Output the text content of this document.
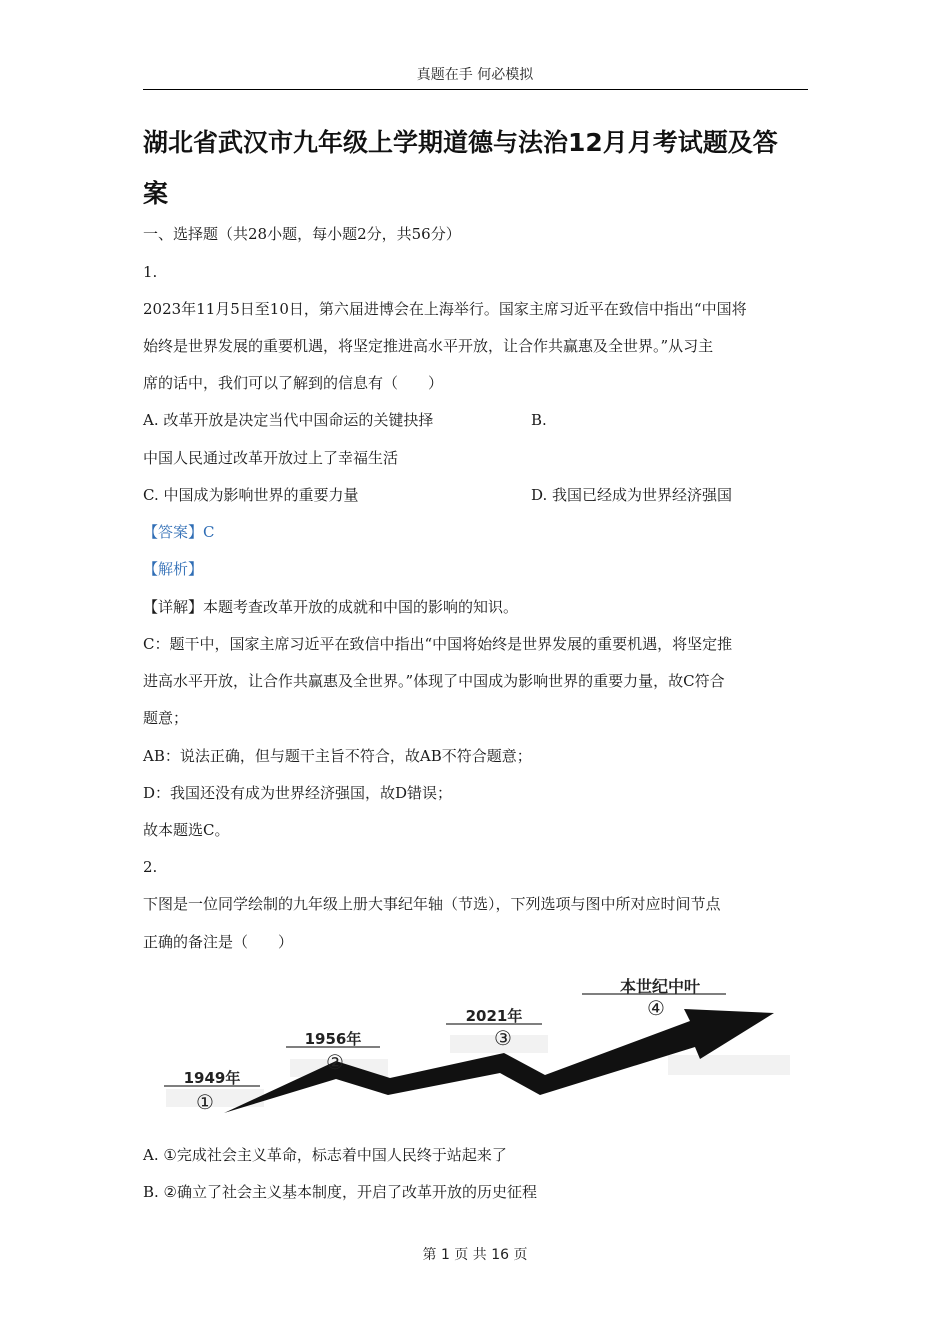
真题在手 何必模拟
湖北省武汉市九年级上学期道德与法治12月月考试题及答
案
一、选择题（共28小题，每小题2分，共56分）
1.
2023年11月5日至10日，第六届进博会在上海举行。国家主席习近平在致信中指出“中国将
始终是世界发展的重要机遇，将坚定推进高水平开放，让合作共赢惠及全世界。”从习主
席的话中，我们可以了解到的信息有（　　）
A. 改革开放是决定当代中国命运的关键抉择	B.
中国人民通过改革开放过上了幸福生活
C. 中国成为影响世界的重要力量	D. 我国已经成为世界经济强国
【答案】C
【解析】
【详解】本题考查改革开放的成就和中国的影响的知识。
C：题干中，国家主席习近平在致信中指出“中国将始终是世界发展的重要机遇，将坚定推
进高水平开放，让合作共赢惠及全世界。”体现了中国成为影响世界的重要力量，故C符合
题意；
AB：说法正确，但与题干主旨不符合，故AB不符合题意；
D：我国还没有成为世界经济强国，故D错误；
故本题选C。
2.
下图是一位同学绘制的九年级上册大事纪年轴（节选），下列选项与图中所对应时间节点
正确的备注是（　　）
1949年
1956年
2021年
本世纪中叶
①
②
③
④
A. ①完成社会主义革命，标志着中国人民终于站起来了
B. ②确立了社会主义基本制度，开启了改革开放的历史征程
第 1 页 共 16 页
